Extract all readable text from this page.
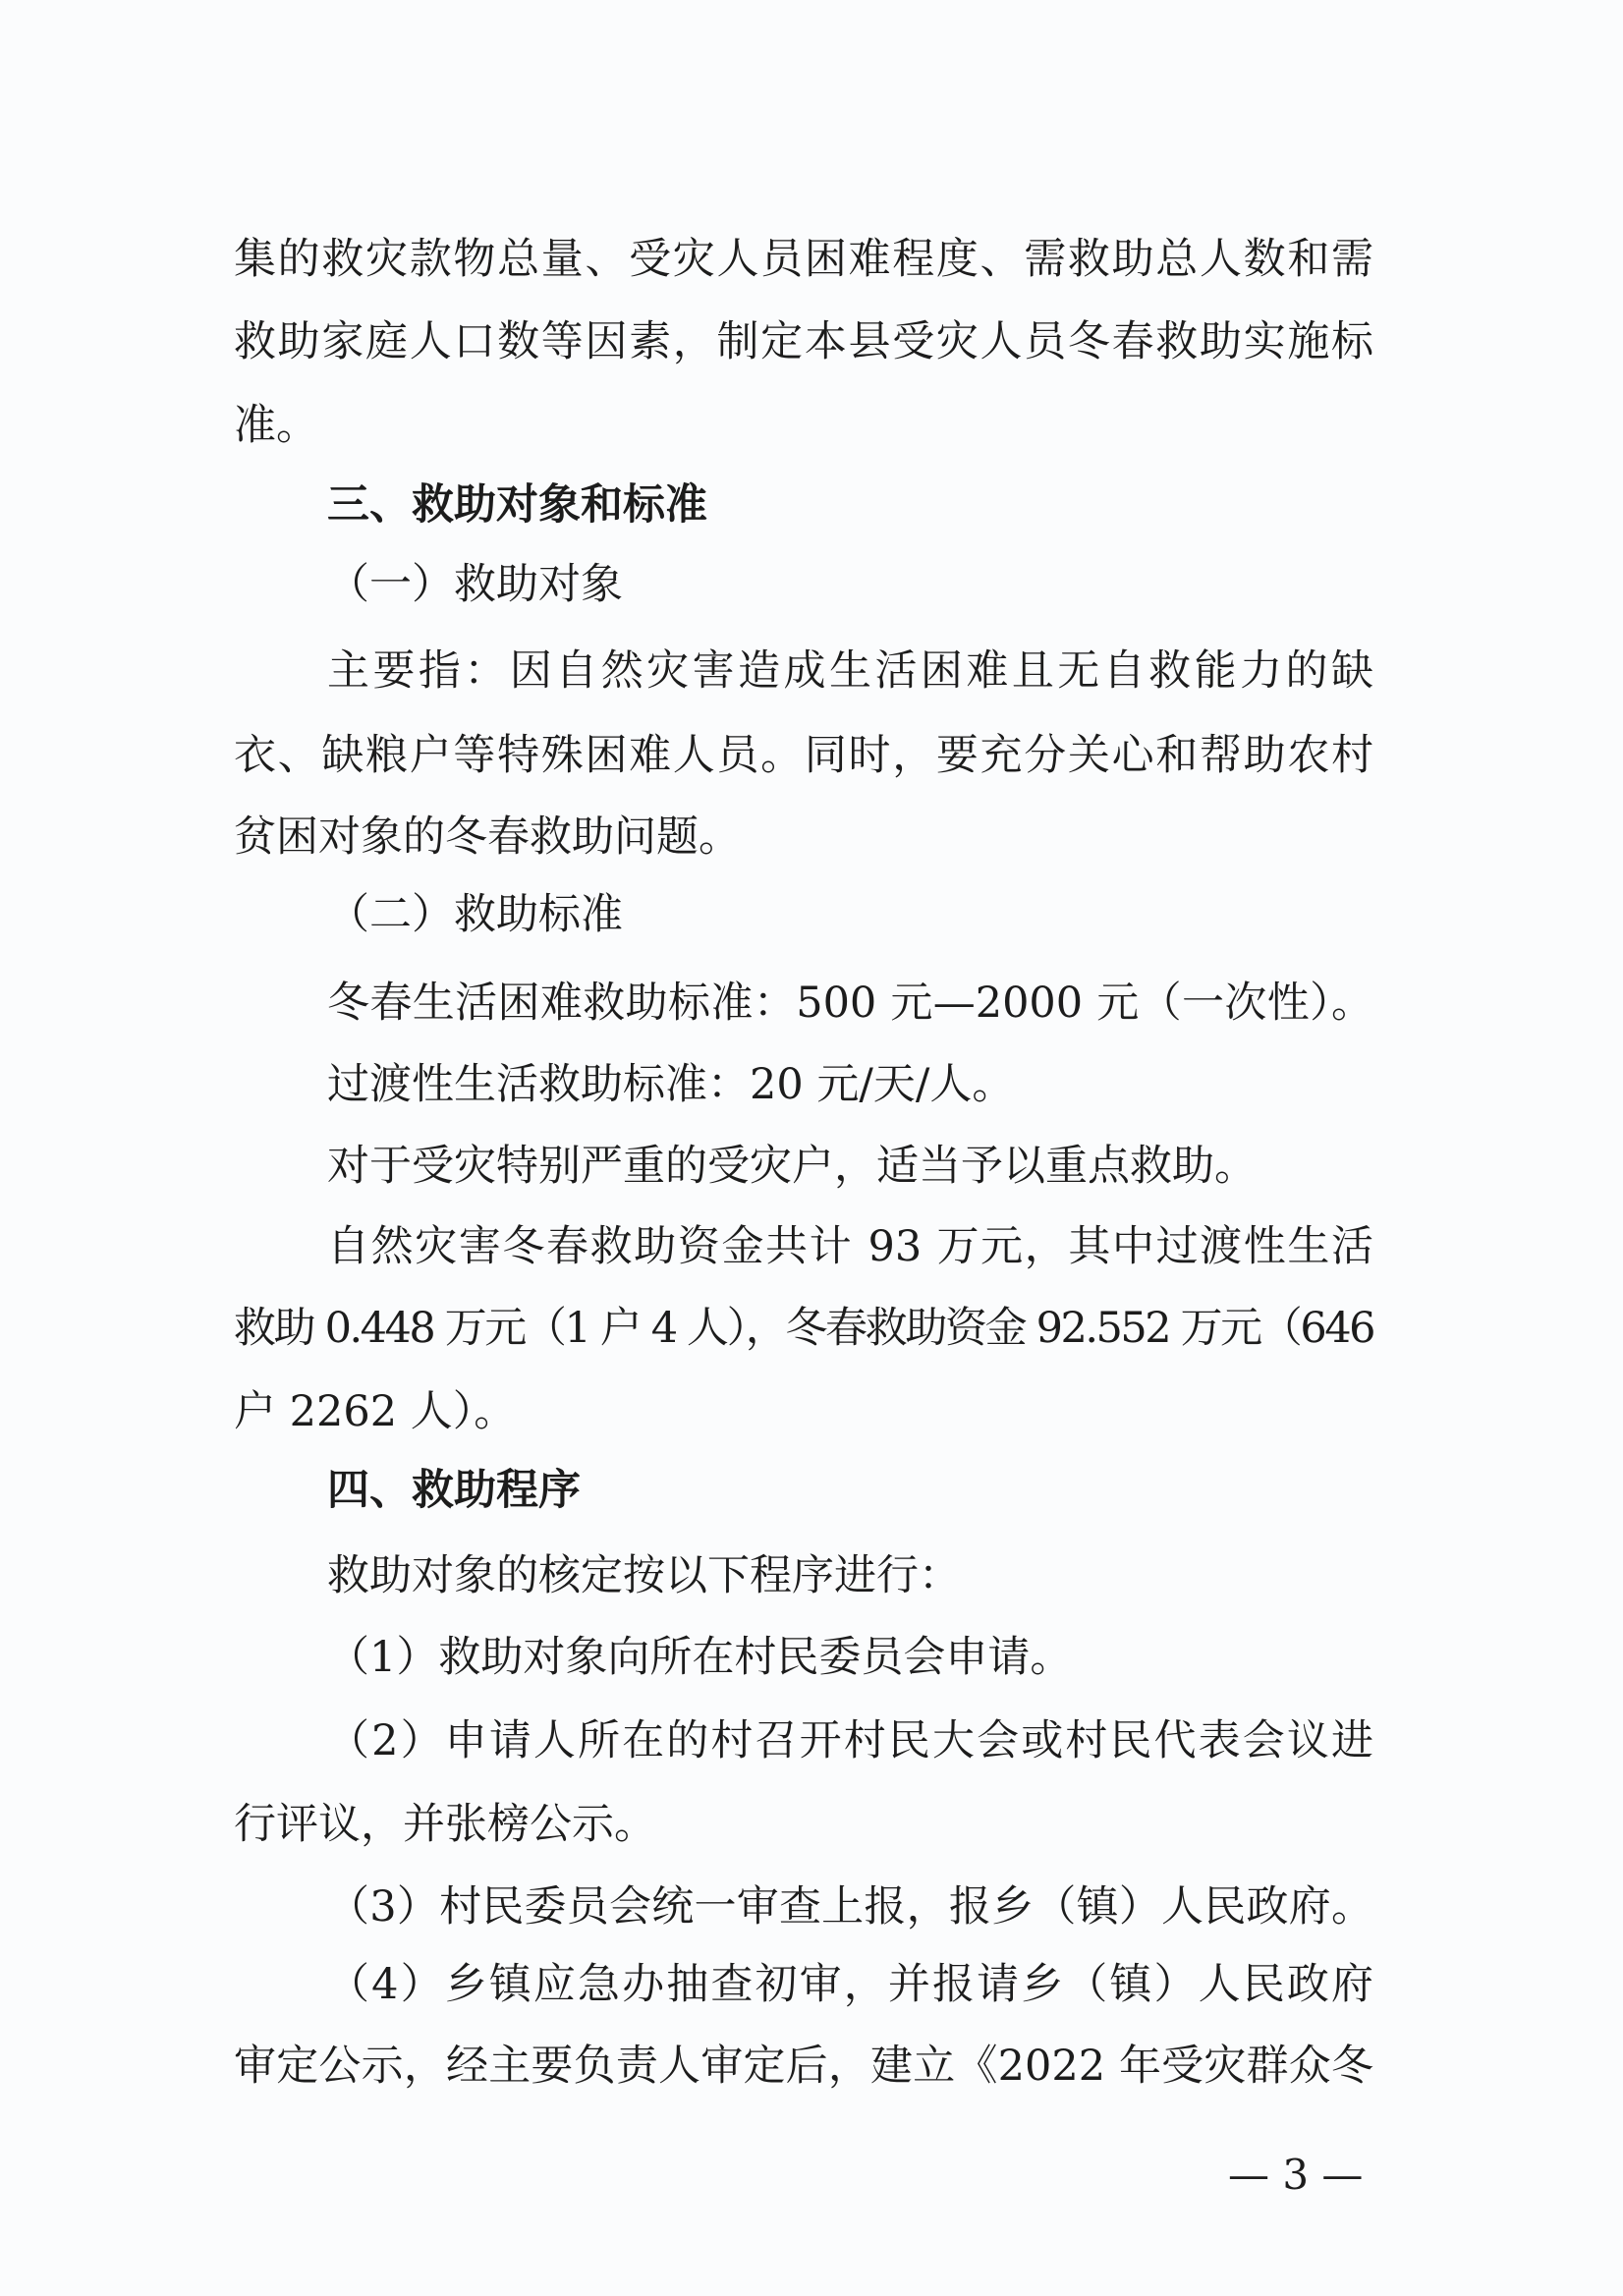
集的救灾款物总量、受灾人员困难程度、需救助总人数和需
救助家庭人口数等因素，制定本县受灾人员冬春救助实施标
准。
三、救助对象和标准
（一）救助对象
主要指：因自然灾害造成生活困难且无自救能力的缺
衣、缺粮户等特殊困难人员。同时，要充分关心和帮助农村
贫困对象的冬春救助问题。
（二）救助标准
冬春生活困难救助标准：500 元—2000 元（一次性）。
过渡性生活救助标准：20 元/天/人。
对于受灾特别严重的受灾户，适当予以重点救助。
自然灾害冬春救助资金共计 93 万元，其中过渡性生活
救助 0.448 万元（1 户 4 人），冬春救助资金 92.552 万元（646
户 2262 人）。
四、救助程序
救助对象的核定按以下程序进行：
（1）救助对象向所在村民委员会申请。
（2）申请人所在的村召开村民大会或村民代表会议进
行评议，并张榜公示。
（3）村民委员会统一审查上报，报乡（镇）人民政府。
（4）乡镇应急办抽查初审，并报请乡（镇）人民政府
审定公示，经主要负责人审定后，建立《2022 年受灾群众冬
— 3 —
